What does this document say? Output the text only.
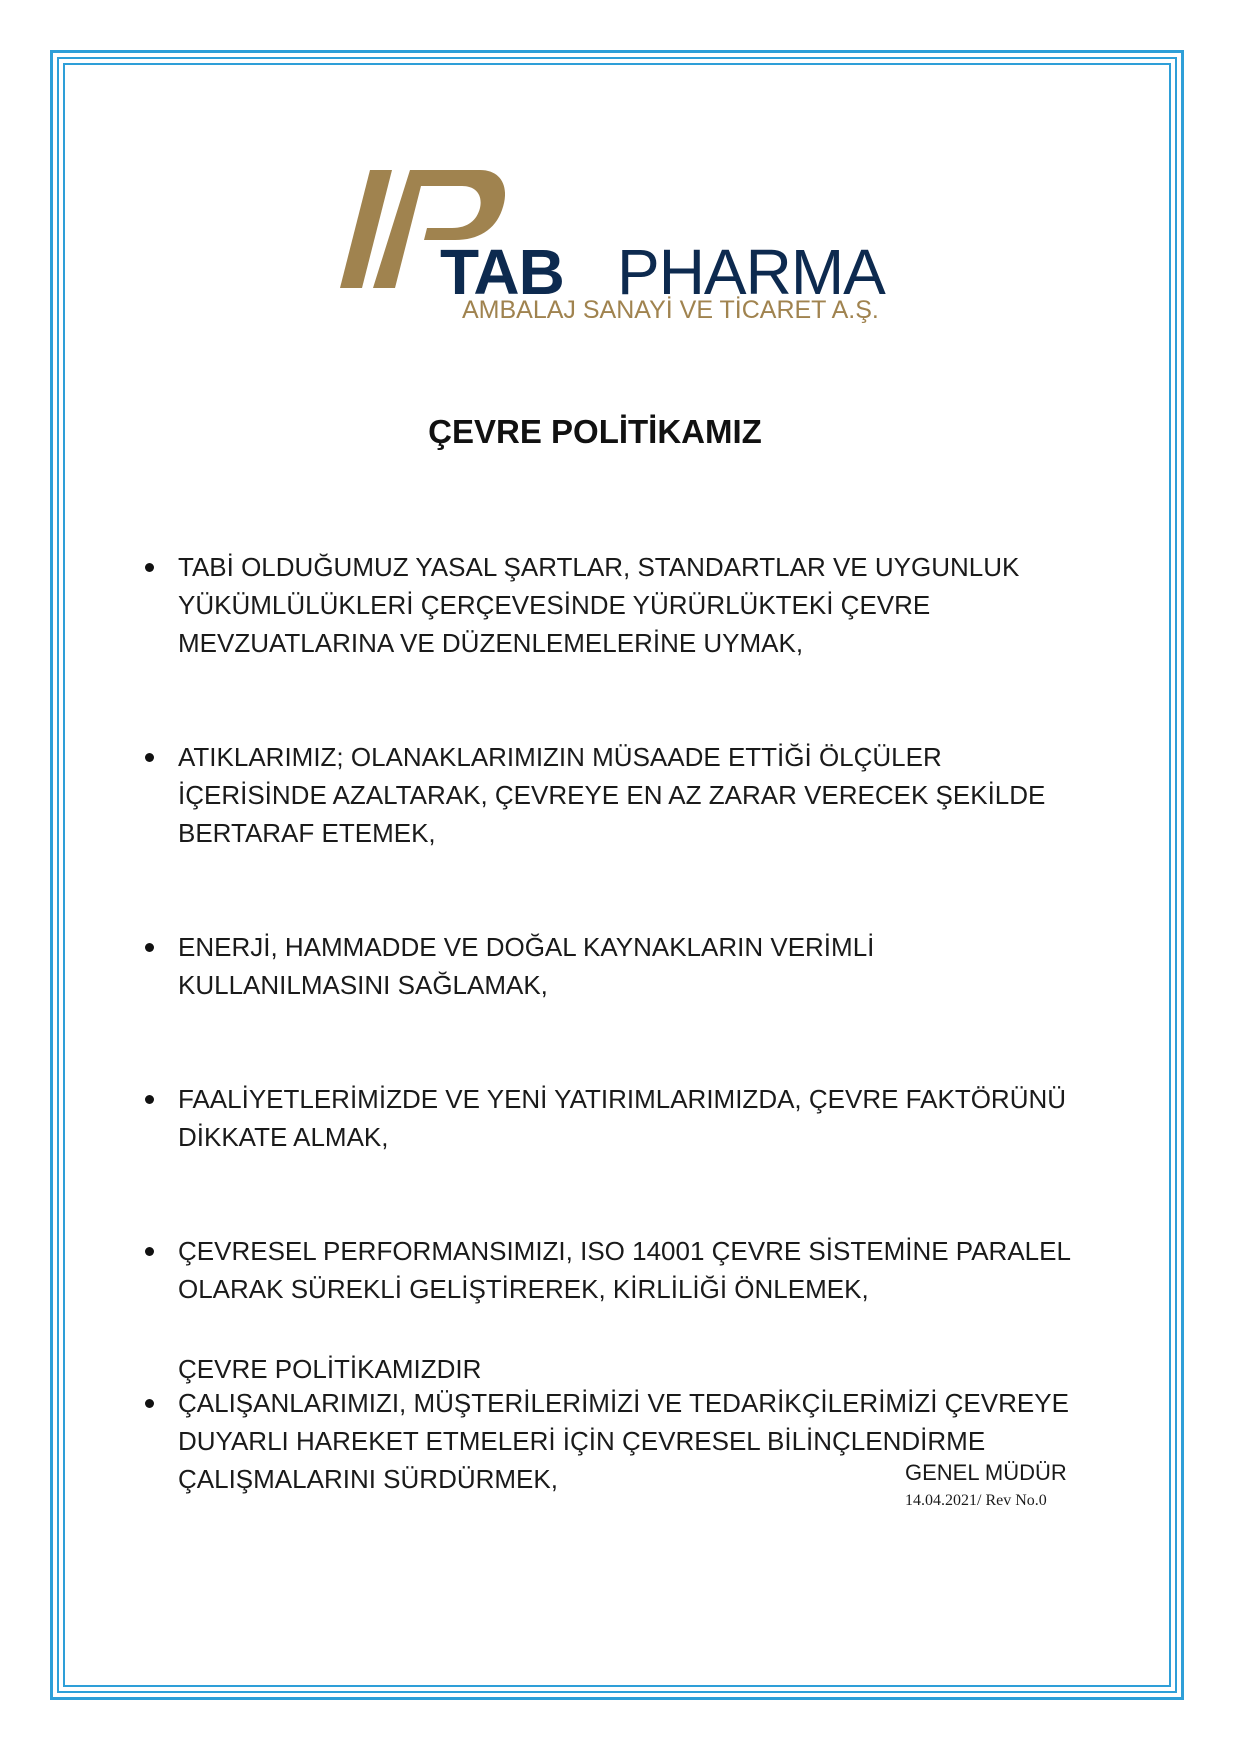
TAB PHARMA
AMBALAJ SANAYİ VE TİCARET A.Ş.
ÇEVRE POLİTİKAMIZ
TABİ OLDUĞUMUZ YASAL ŞARTLAR, STANDARTLAR VE UYGUNLUK
YÜKÜMLÜLÜKLERİ ÇERÇEVESİNDE YÜRÜRLÜKTEKİ ÇEVRE
MEVZUATLARINA VE DÜZENLEMELERİNE UYMAK,
ATIKLARIMIZ; OLANAKLARIMIZIN MÜSAADE ETTİĞİ ÖLÇÜLER
İÇERİSİNDE AZALTARAK, ÇEVREYE EN AZ ZARAR VERECEK ŞEKİLDE
BERTARAF ETEMEK,
ENERJİ, HAMMADDE VE DOĞAL KAYNAKLARIN VERİMLİ
KULLANILMASINI SAĞLAMAK,
FAALİYETLERİMİZDE VE YENİ YATIRIMLARIMIZDA, ÇEVRE FAKTÖRÜNÜ
DİKKATE ALMAK,
ÇEVRESEL PERFORMANSIMIZI, ISO 14001 ÇEVRE SİSTEMİNE PARALEL
OLARAK SÜREKLİ GELİŞTİREREK, KİRLİLİĞİ ÖNLEMEK,
ÇALIŞANLARIMIZI, MÜŞTERİLERİMİZİ VE TEDARİKÇİLERİMİZİ ÇEVREYE
DUYARLI HAREKET ETMELERİ İÇİN ÇEVRESEL BİLİNÇLENDİRME
ÇALIŞMALARINI SÜRDÜRMEK,

ÇEVRE POLİTİKAMIZDIR

GENEL MÜDÜR

14.04.2021/ Rev No.0
